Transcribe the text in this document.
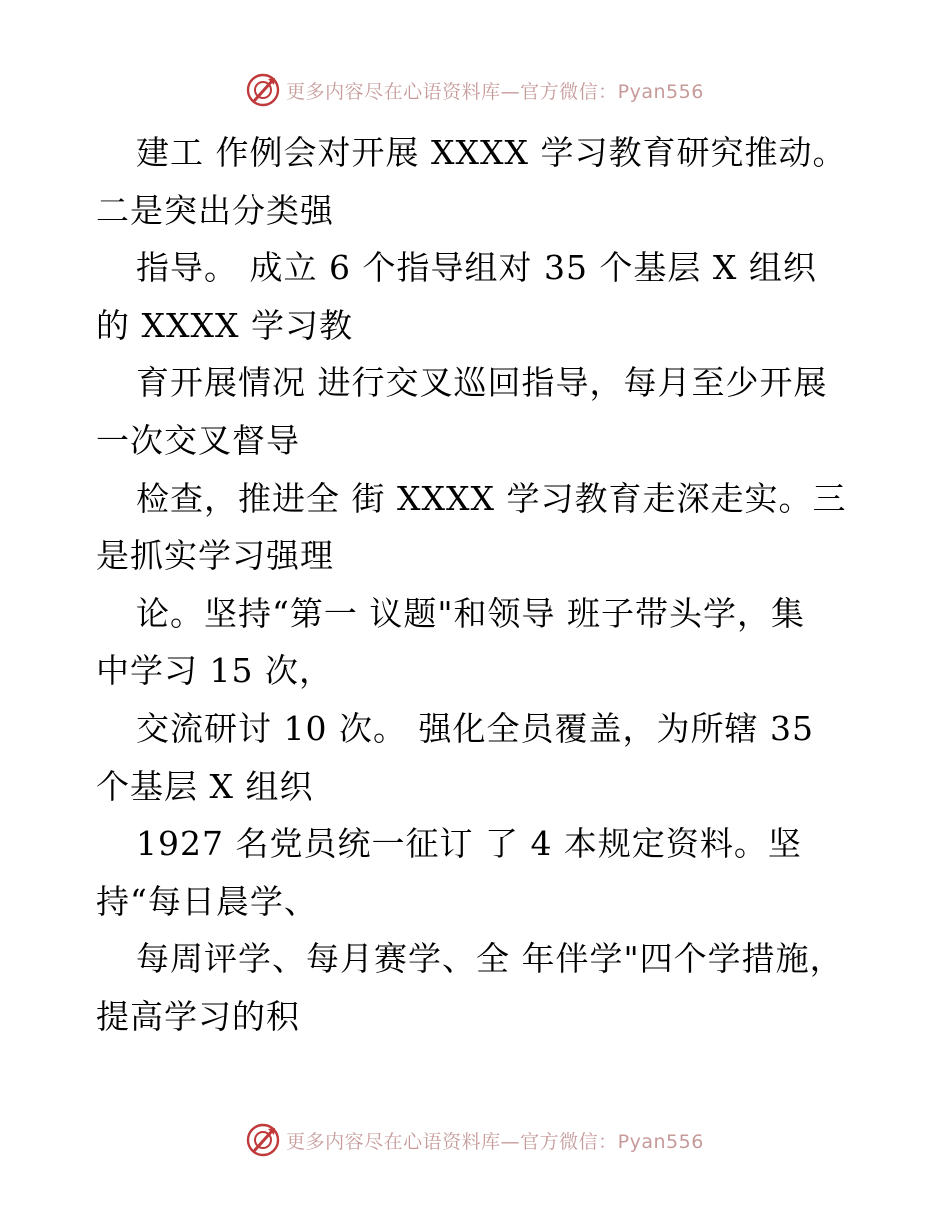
更多内容尽在心语资料库—官方微信：Pyan556
建工 作例会对开展 XXXX 学习教育研究推动。
二是突出分类强
指导。 成立 6 个指导组对 35 个基层 X 组织
的 XXXX 学习教
育开展情况 进行交叉巡回指导，每月至少开展
一次交叉督导
检查，推进全 街 XXXX 学习教育走深走实。三
是抓实学习强理
论。坚持“第一 议题"和领导 班子带头学，集
中学习 15 次，
交流研讨 10 次。 强化全员覆盖，为所辖 35
个基层 X 组织
1927 名党员统一征订 了 4 本规定资料。坚
持“每日晨学、
每周评学、每月赛学、全 年伴学"四个学措施，
提高学习的积
更多内容尽在心语资料库—官方微信：Pyan556
